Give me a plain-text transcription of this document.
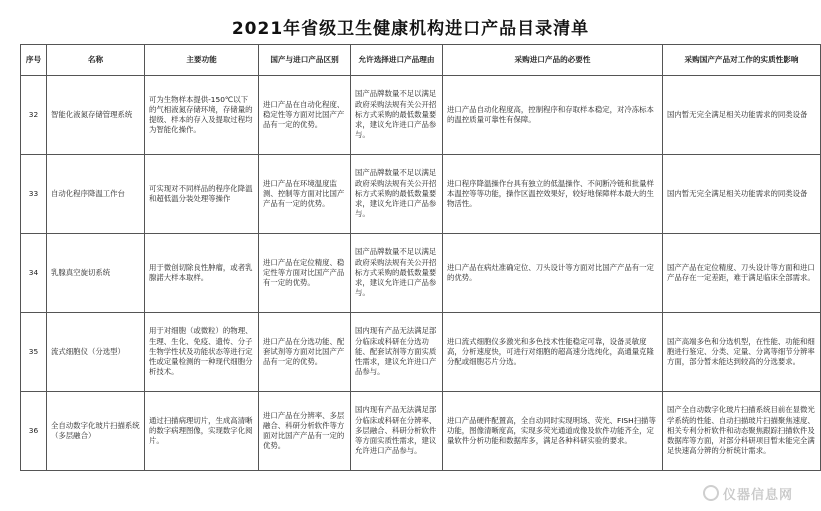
2021年省级卫生健康机构进口产品目录清单
序号	名称	主要功能	国产与进口产品区别	允许选择进口产品理由	采购进口产品的必要性	采购国产产品对工作的实质性影响
32	智能化液氮存储管理系统	可为生物样本提供-150℃以下的气相液氮存储环境，存储量的提级、样本的存入及提取过程均为智能化操作。	进口产品在自动化程度、稳定性等方面对比国产产品有一定的优势。	国产品牌数量不足以满足政府采购法规有关公开招标方式采购的最低数量要求，建议允许进口产品参与。	进口产品自动化程度高，控制程序和存取样本稳定，对冷冻标本的温控质量可靠性有保障。	国内暂无完全满足相关功能需求的同类设备
33	自动化程序降温工作台	可实现对不同样品的程序化降温和超低温分装处理等操作	进口产品在环境温度监测、控制等方面对比国产产品有一定的优势。	国产品牌数量不足以满足政府采购法规有关公开招标方式采购的最低数量要求，建议允许进口产品参与。	进口程序降温操作台具有独立的低温操作、不间断冷链和批量样本温控等等功能，操作区温控效果好，较好地保障样本最大的生物活性。	国内暂无完全满足相关功能需求的同类设备
34	乳腺真空旋切系统	用于微创切除良性肿瘤，或者乳腺諾大样本取样。	进口产品在定位精度、稳定性等方面对比国产产品有一定的优势。	国产品牌数量不足以满足政府采购法规有关公开招标方式采购的最低数量要求，建议允许进口产品参与。	进口产品在病灶准确定位、刀头设计等方面对比国产产品有一定的优势。	国产产品在定位精度、刀头设计等方面和进口产品存在一定差距，难于满足临床全部需求。
35	流式细胞仪（分选型）	用于对细胞（或微粒）的物理、生理、生化、免疫、遗传、分子生物学性状及功能状态等进行定性或定量检测的一种现代细胞分析技术。	进口产品在分选功能、配套试剂等方面对比国产产品有一定的优势。	国内现有产品无法满足部分临床或科研在分选功能、配套试剂等方面实质性需求，建议允许进口产品参与。	进口流式细胞仪多激光和多色技术性能稳定可靠，设备灵敏度高，分析速度快，可进行对细胞的超高速分选纯化，高通量克隆分配或细胞芯片分选。	国产高端多色和分选机型，在性能、功能和细胞进行鉴定、分类、定量、分离等细节分辨率方面，部分暂未能达到较高的分选要求。
36	全自动数字化玻片扫描系统（多层融合）	通过扫描病理切片，生成高清晰的数字病理图像，实现数字化阅片。	进口产品在分辨率、多层融合、科研分析软件等方面对比国产产品有一定的优势。	国内现有产品无法满足部分临床或科研在分辨率、多层融合、科研分析软件等方面实质性需求，建议允许进口产品参与。	进口产品硬件配置高，全自动同时实现明场、荧光、FISH扫描等功能，图像清晰度高，实现多荧光通道成像及软件功能齐全，定量软件分析功能和数据库多，满足各种科研实验的要求。	国产全自动数字化玻片扫描系统目前在显微光学系统的性能、自动扫描玻片扫描聚焦速度、相关专利分析软件和动态聚焦跟踪扫描软件及数据库等方面，对部分科研项目暂未能完全满足快速高分辨的分析统计需求。
仪器信息网
